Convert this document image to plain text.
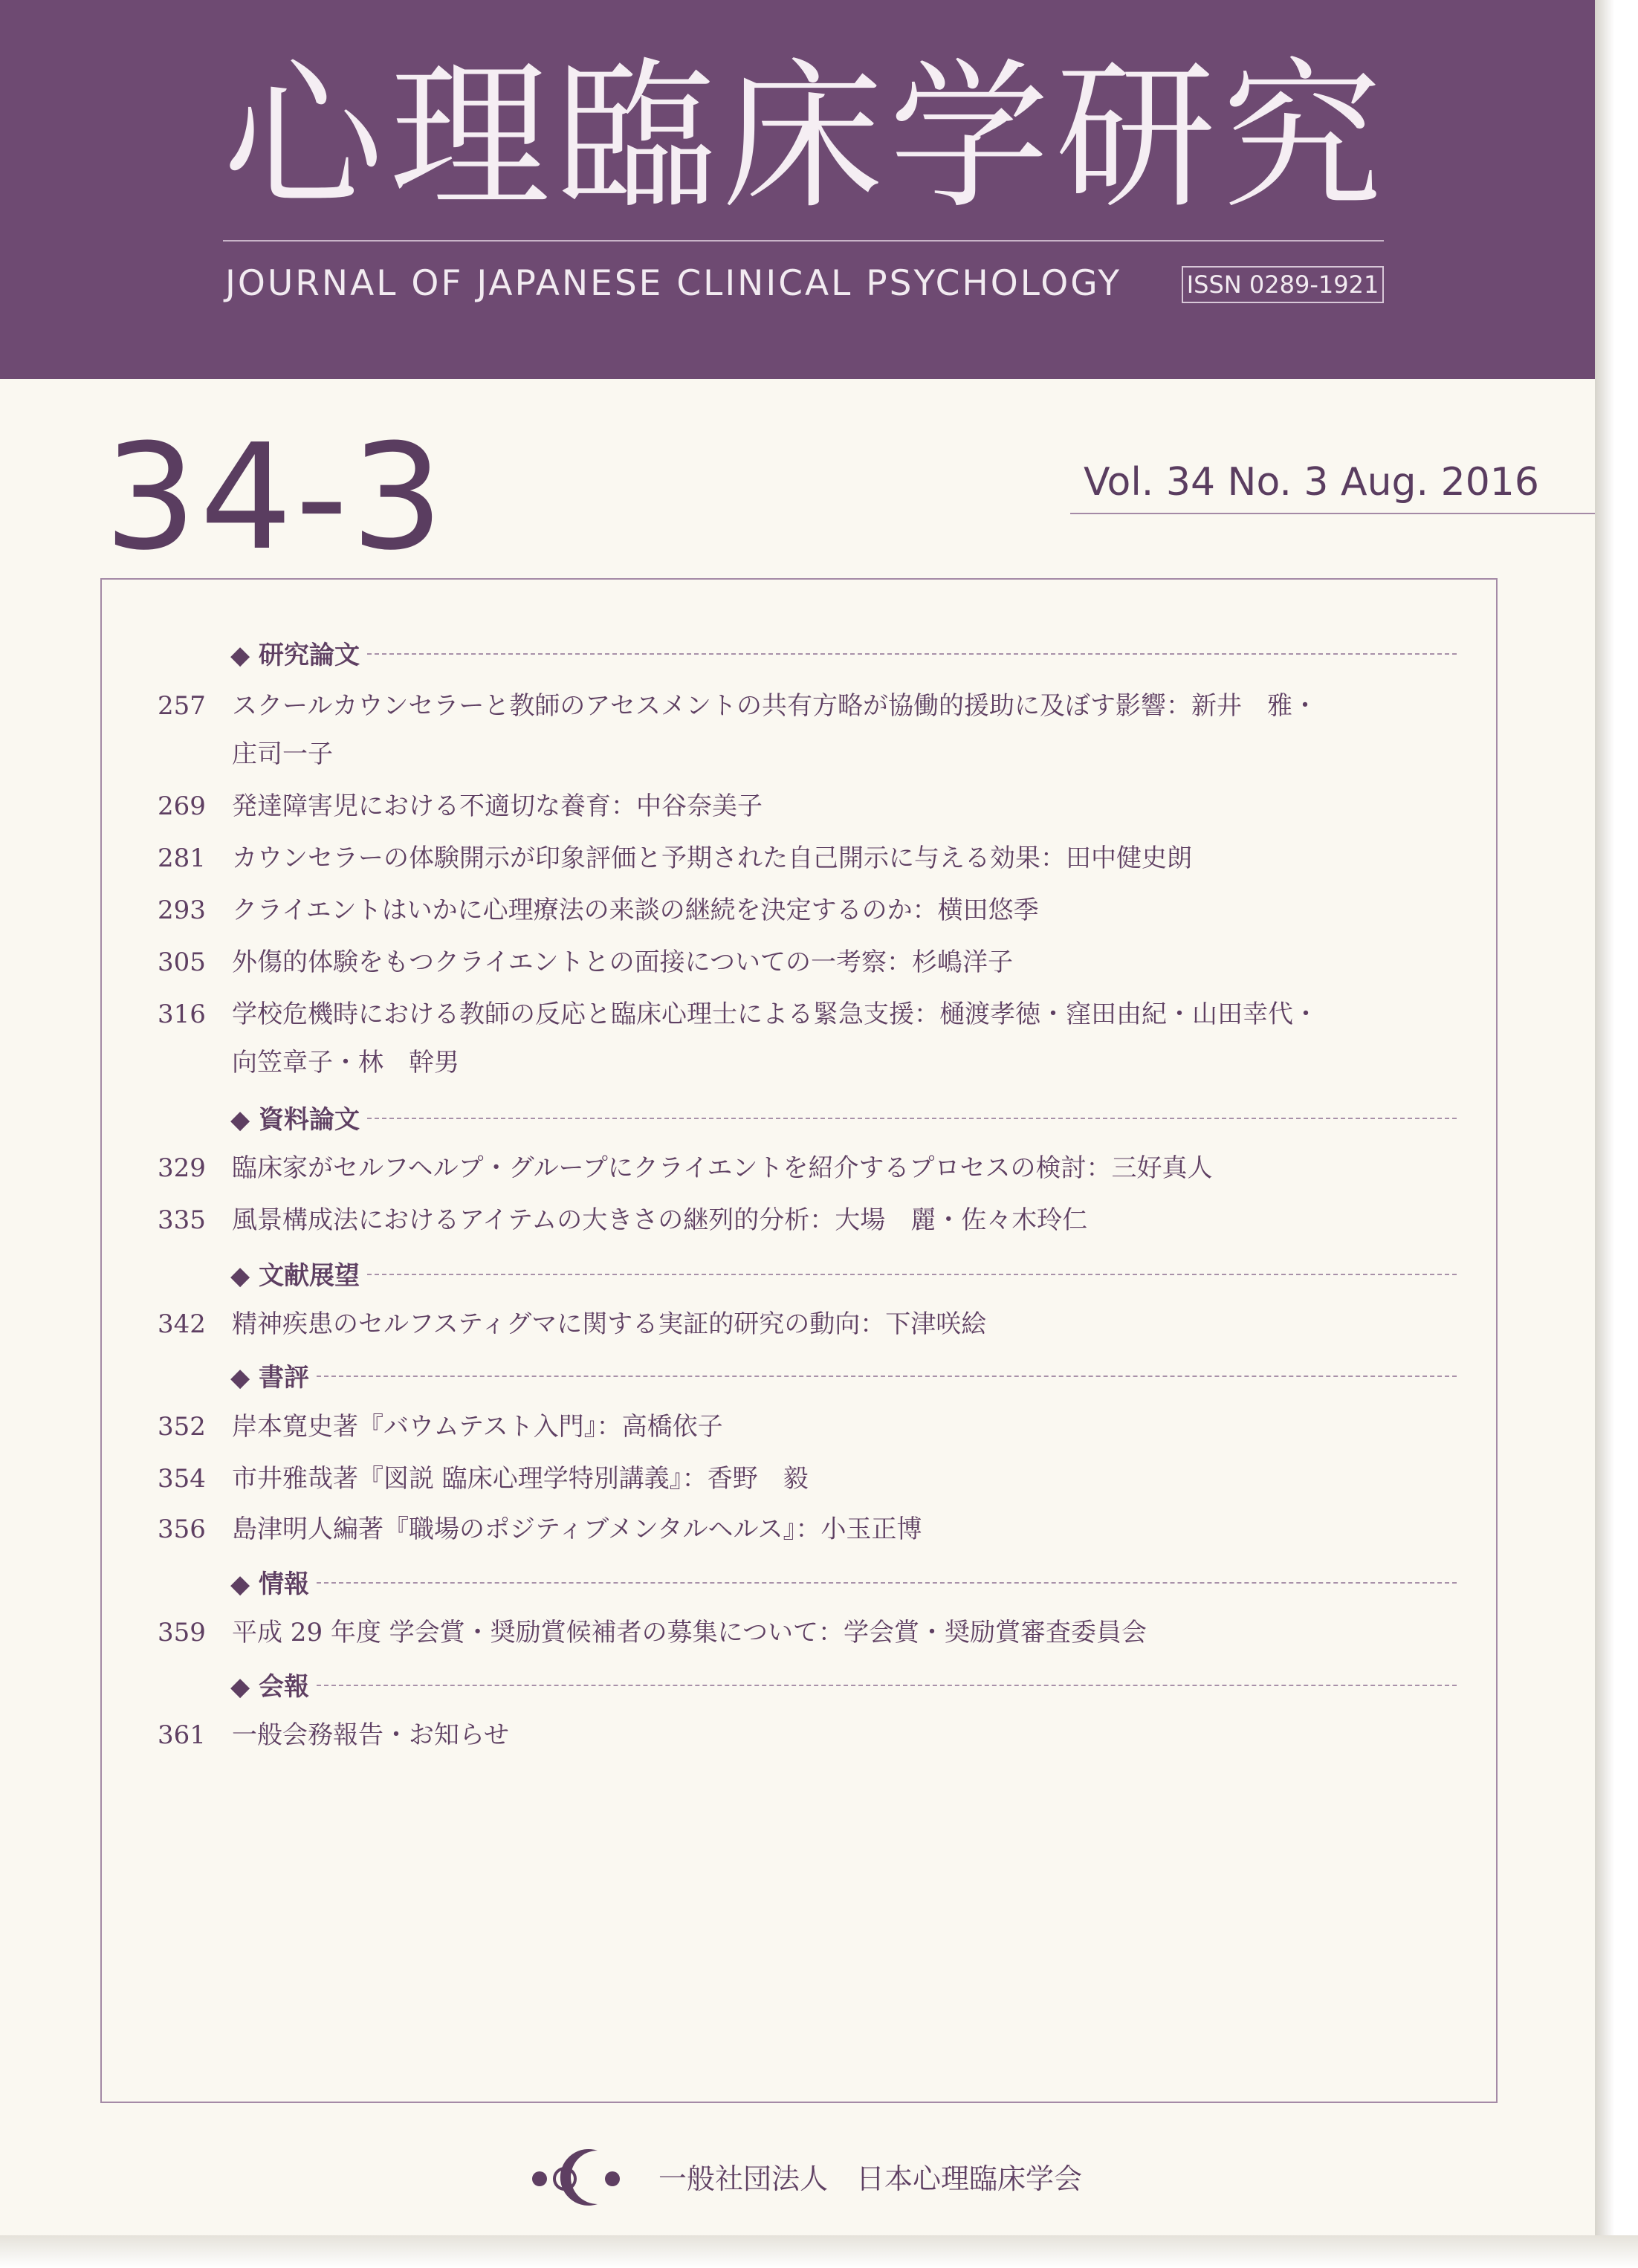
心理臨床学研究
JOURNAL OF JAPANESE CLINICAL PSYCHOLOGY	ISSN 0289-1921
34-3	Vol. 34 No. 3 Aug. 2016
◆ 研究論文
257	スクールカウンセラーと教師のアセスメントの共有方略が協働的援助に及ぼす影響：新井　雅・
庄司一子
269	発達障害児における不適切な養育：中谷奈美子
281	カウンセラーの体験開示が印象評価と予期された自己開示に与える効果：田中健史朗
293	クライエントはいかに心理療法の来談の継続を決定するのか：横田悠季
305	外傷的体験をもつクライエントとの面接についての一考察：杉嶋洋子
316	学校危機時における教師の反応と臨床心理士による緊急支援：樋渡孝徳・窪田由紀・山田幸代・
向笠章子・林　幹男
◆ 資料論文
329	臨床家がセルフヘルプ・グループにクライエントを紹介するプロセスの検討：三好真人
335	風景構成法におけるアイテムの大きさの継列的分析：大場　麗・佐々木玲仁
◆ 文献展望
342	精神疾患のセルフスティグマに関する実証的研究の動向：下津咲絵
◆ 書評
352	岸本寛史著『バウムテスト入門』：高橋依子
354	市井雅哉著『図説 臨床心理学特別講義』：香野　毅
356	島津明人編著『職場のポジティブメンタルヘルス』：小玉正博
◆ 情報
359	平成 29 年度 学会賞・奨励賞候補者の募集について：学会賞・奨励賞審査委員会
◆ 会報
361	一般会務報告・お知らせ
一般社団法人　日本心理臨床学会
